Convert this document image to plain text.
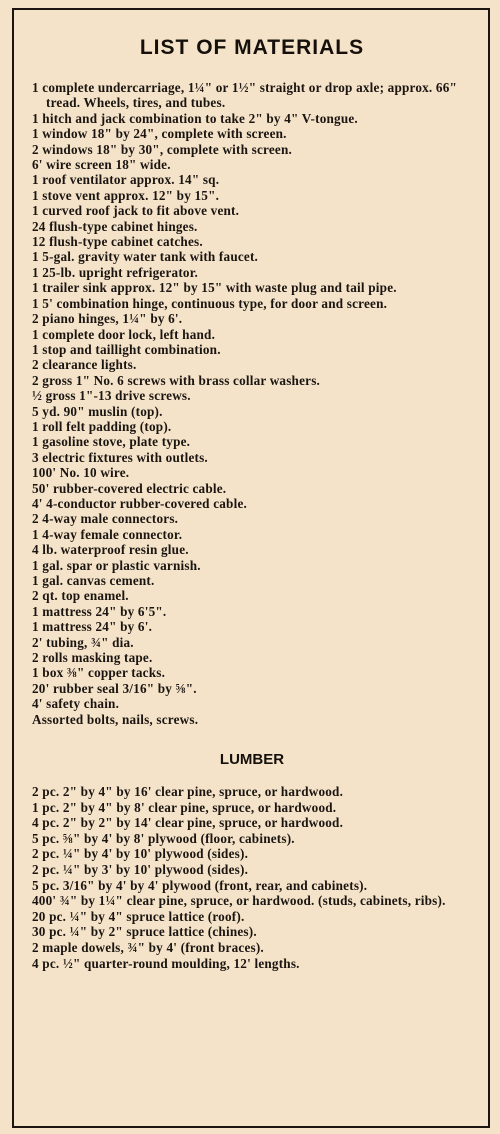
LIST OF MATERIALS
1 complete undercarriage, 1¼" or 1½" straight or drop axle; approx. 66" tread. Wheels, tires, and tubes.
1 hitch and jack combination to take 2" by 4" V-tongue.
1 window 18" by 24", complete with screen.
2 windows 18" by 30", complete with screen.
6' wire screen 18" wide.
1 roof ventilator approx. 14" sq.
1 stove vent approx. 12" by 15".
1 curved roof jack to fit above vent.
24 flush-type cabinet hinges.
12 flush-type cabinet catches.
1 5-gal. gravity water tank with faucet.
1 25-lb. upright refrigerator.
1 trailer sink approx. 12" by 15" with waste plug and tail pipe.
1 5' combination hinge, continuous type, for door and screen.
2 piano hinges, 1¼" by 6'.
1 complete door lock, left hand.
1 stop and taillight combination.
2 clearance lights.
2 gross 1" No. 6 screws with brass collar washers.
½ gross 1"-13 drive screws.
5 yd. 90" muslin (top).
1 roll felt padding (top).
1 gasoline stove, plate type.
3 electric fixtures with outlets.
100' No. 10 wire.
50' rubber-covered electric cable.
4' 4-conductor rubber-covered cable.
2 4-way male connectors.
1 4-way female connector.
4 lb. waterproof resin glue.
1 gal. spar or plastic varnish.
1 gal. canvas cement.
2 qt. top enamel.
1 mattress 24" by 6'5".
1 mattress 24" by 6'.
2' tubing, ¾" dia.
2 rolls masking tape.
1 box ⅜" copper tacks.
20' rubber seal 3/16" by ⅝".
4' safety chain.
Assorted bolts, nails, screws.
LUMBER
2 pc. 2" by 4" by 16' clear pine, spruce, or hardwood.
1 pc. 2" by 4" by 8' clear pine, spruce, or hardwood.
4 pc. 2" by 2" by 14' clear pine, spruce, or hardwood.
5 pc. ⅝" by 4' by 8' plywood (floor, cabinets).
2 pc. ¼" by 4' by 10' plywood (sides).
2 pc. ¼" by 3' by 10' plywood (sides).
5 pc. 3/16" by 4' by 4' plywood (front, rear, and cabinets).
400' ¾" by 1¼" clear pine, spruce, or hardwood. (studs, cabinets, ribs).
20 pc. ¼" by 4" spruce lattice (roof).
30 pc. ¼" by 2" spruce lattice (chines).
2 maple dowels, ¾" by 4' (front braces).
4 pc. ½" quarter-round moulding, 12' lengths.
